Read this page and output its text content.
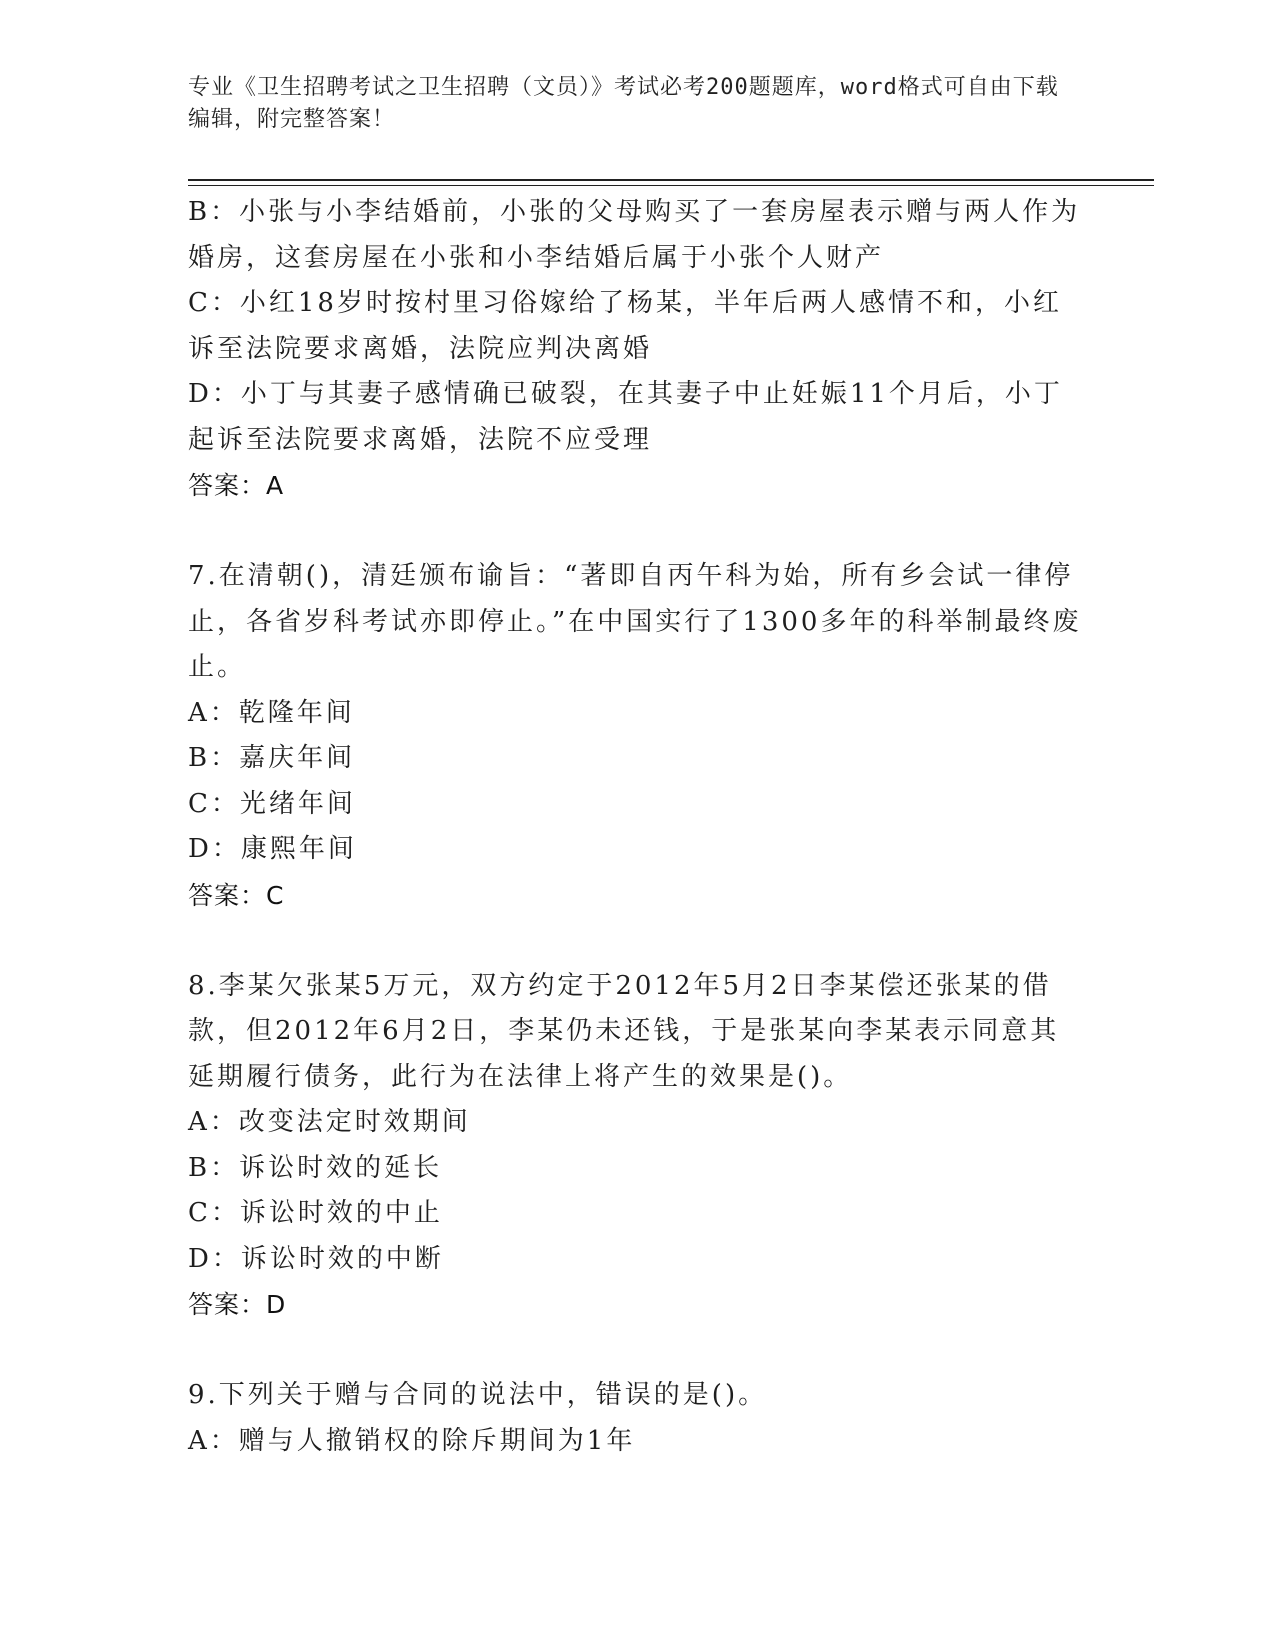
专业《卫生招聘考试之卫生招聘（文员）》考试必考200题题库，word格式可自由下载编辑，附完整答案！
B：小张与小李结婚前，小张的父母购买了一套房屋表示赠与两人作为婚房，这套房屋在小张和小李结婚后属于小张个人财产
C：小红18岁时按村里习俗嫁给了杨某，半年后两人感情不和，小红诉至法院要求离婚，法院应判决离婚
D：小丁与其妻子感情确已破裂，在其妻子中止妊娠11个月后，小丁起诉至法院要求离婚，法院不应受理
答案：A
7.在清朝()，清廷颁布谕旨：“著即自丙午科为始，所有乡会试一律停止，各省岁科考试亦即停止。”在中国实行了1300多年的科举制最终废止。
A：乾隆年间
B：嘉庆年间
C：光绪年间
D：康熙年间
答案：C
8.李某欠张某5万元，双方约定于2012年5月2日李某偿还张某的借款，但2012年6月2日，李某仍未还钱，于是张某向李某表示同意其延期履行债务，此行为在法律上将产生的效果是()。
A：改变法定时效期间
B：诉讼时效的延长
C：诉讼时效的中止
D：诉讼时效的中断
答案：D
9.下列关于赠与合同的说法中，错误的是()。
A：赠与人撤销权的除斥期间为1年
